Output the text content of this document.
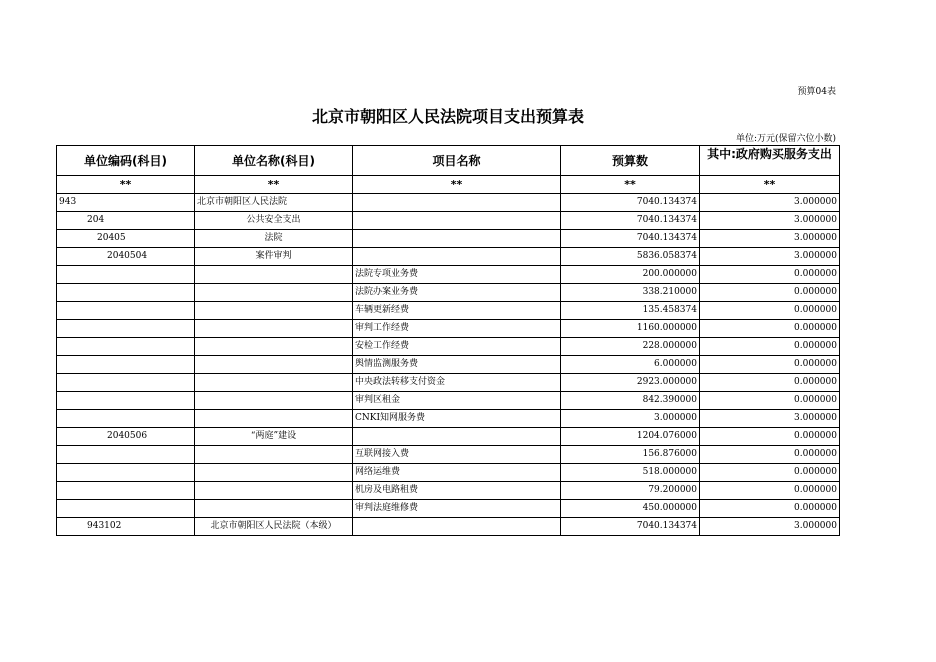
预算04表
北京市朝阳区人民法院项目支出预算表
单位:万元(保留六位小数)
单位编码(科目)	单位名称(科目)	项目名称	预算数	其中:政府购买服务支出

**	**	**	**	**
943	北京市朝阳区人民法院		7040.134374	3.000000
204	公共安全支出		7040.134374	3.000000
20405	法院		7040.134374	3.000000
2040504	案件审判		5836.058374	3.000000
		法院专项业务费	200.000000	0.000000
		法院办案业务费	338.210000	0.000000
		车辆更新经费	135.458374	0.000000
		审判工作经费	1160.000000	0.000000
		安检工作经费	228.000000	0.000000
		舆情监测服务费	6.000000	0.000000
		中央政法转移支付资金	2923.000000	0.000000
		审判区租金	842.390000	0.000000
		CNKI知网服务费	3.000000	3.000000
2040506	“两庭”建设		1204.076000	0.000000
		互联网接入费	156.876000	0.000000
		网络运维费	518.000000	0.000000
		机房及电路租费	79.200000	0.000000
		审判法庭维修费	450.000000	0.000000
943102	北京市朝阳区人民法院（本级）		7040.134374	3.000000
